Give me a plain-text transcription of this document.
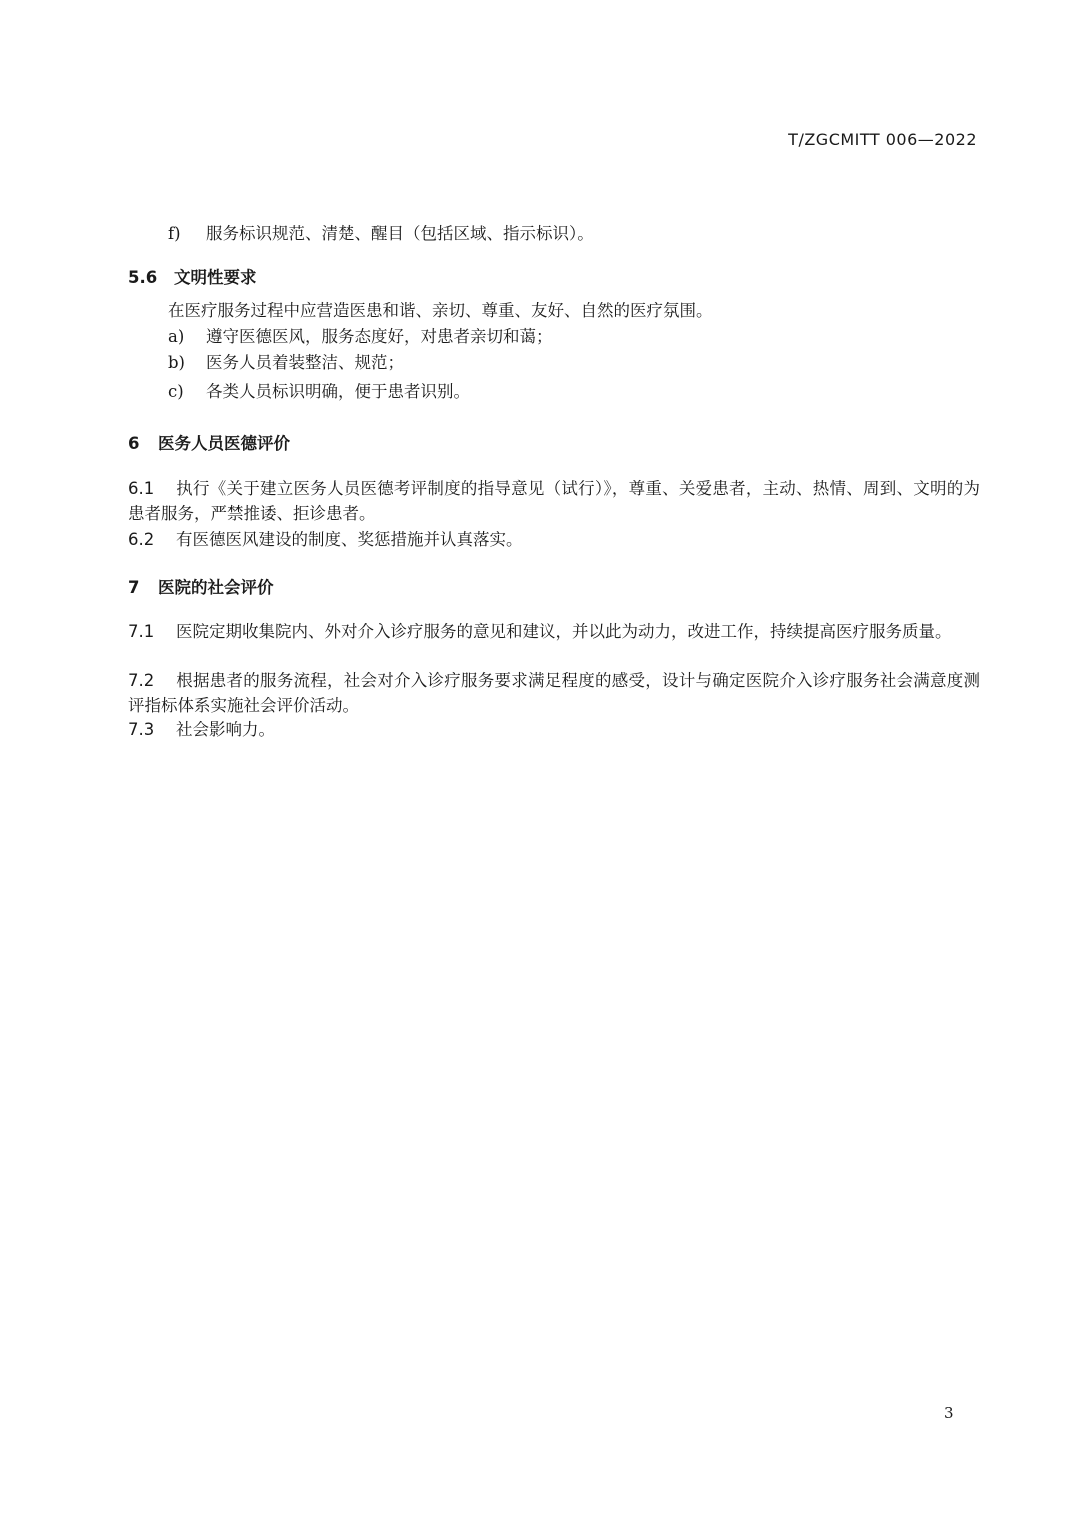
T/ZGCMITT 006—2022
f) 服务标识规范、清楚、醒目（包括区域、指示标识）。
5.6 文明性要求
在医疗服务过程中应营造医患和谐、亲切、尊重、友好、自然的医疗氛围。
a) 遵守医德医风，服务态度好，对患者亲切和蔼；
b) 医务人员着装整洁、规范；
c) 各类人员标识明确，便于患者识别。
6 医务人员医德评价
6.1 执行《关于建立医务人员医德考评制度的指导意见（试行）》，尊重、关爱患者，主动、热情、周到、文明的为患者服务，严禁推诿、拒诊患者。
6.2 有医德医风建设的制度、奖惩措施并认真落实。
7 医院的社会评价
7.1 医院定期收集院内、外对介入诊疗服务的意见和建议，并以此为动力，改进工作，持续提高医疗服务质量。
7.2 根据患者的服务流程，社会对介入诊疗服务要求满足程度的感受，设计与确定医院介入诊疗服务社会满意度测评指标体系实施社会评价活动。
7.3 社会影响力。
3
